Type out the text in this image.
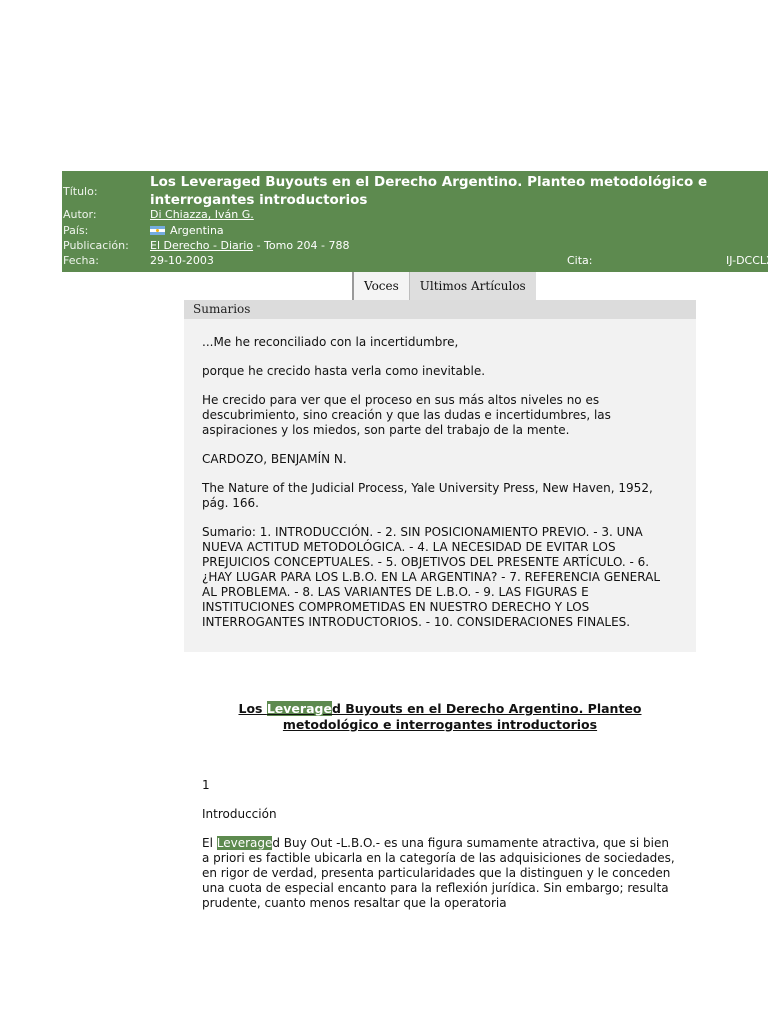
Título:
Los Leveraged Buyouts en el Derecho Argentino. Planteo metodológico e interrogantes introductorios
Autor:	Di Chiazza, Iván G.
País:	Argentina
Publicación: El Derecho - Diario - Tomo 204 - 788
Fecha:	29-10-2003	Cita:	IJ-DCCLX
Voces	Ultimos Artículos
Sumarios

...Me he reconciliado con la incertidumbre,

porque he crecido hasta verla como inevitable.

He crecido para ver que el proceso en sus más altos niveles no es descubrimiento, sino creación y que las dudas e incertidumbres, las aspiraciones y los miedos, son parte del trabajo de la mente.

CARDOZO, BENJAMÍN N.

The Nature of the Judicial Process, Yale University Press, New Haven, 1952, pág. 166.

Sumario: 1. INTRODUCCIÓN. - 2. SIN POSICIONAMIENTO PREVIO. - 3. UNA NUEVA ACTITUD METODOLÓGICA. - 4. LA NECESIDAD DE EVITAR LOS PREJUICIOS CONCEPTUALES. - 5. OBJETIVOS DEL PRESENTE ARTÍCULO. - 6. ¿HAY LUGAR PARA LOS L.B.O. EN LA ARGENTINA? - 7. REFERENCIA GENERAL AL PROBLEMA. - 8. LAS VARIANTES DE L.B.O. - 9. LAS FIGURAS E INSTITUCIONES COMPROMETIDAS EN NUESTRO DERECHO Y LOS INTERROGANTES INTRODUCTORIOS. - 10. CONSIDERACIONES FINALES.

Los Leveraged Buyouts en el Derecho Argentino. Planteo metodológico e interrogantes introductorios

1

Introducción

El Leveraged Buy Out -L.B.O.- es una figura sumamente atractiva, que si bien a priori es factible ubicarla en la categoría de las adquisiciones de sociedades, en rigor de verdad, presenta particularidades que la distinguen y le conceden una cuota de especial encanto para la reflexión jurídica. Sin embargo; resulta prudente, cuanto menos resaltar que la operatoria
